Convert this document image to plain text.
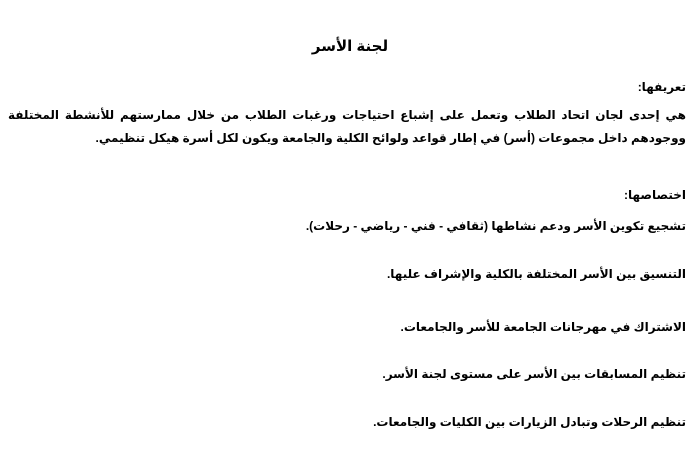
لجنة الأسر
تعريفها:
هي إحدى لجان اتحاد الطلاب وتعمل على إشباع احتياجات ورغبات الطلاب من خلال ممارستهم للأنشطة المختلفة ووجودهم داخل مجموعات (أسر) في إطار قواعد ولوائح الكلية والجامعة ويكون لكل أسرة هيكل تنظيمي.
اختصاصها:
تشجيع تكوين الأسر ودعم نشاطها (ثقافي - فني - رياضي - رحلات).
التنسيق بين الأسر المختلفة بالكلية والإشراف عليها.
الاشتراك في مهرجانات الجامعة للأسر والجامعات.
تنظيم المسابقات بين الأسر على مستوى لجنة الأسر.
تنظيم الرحلات وتبادل الزيارات بين الكليات والجامعات.
